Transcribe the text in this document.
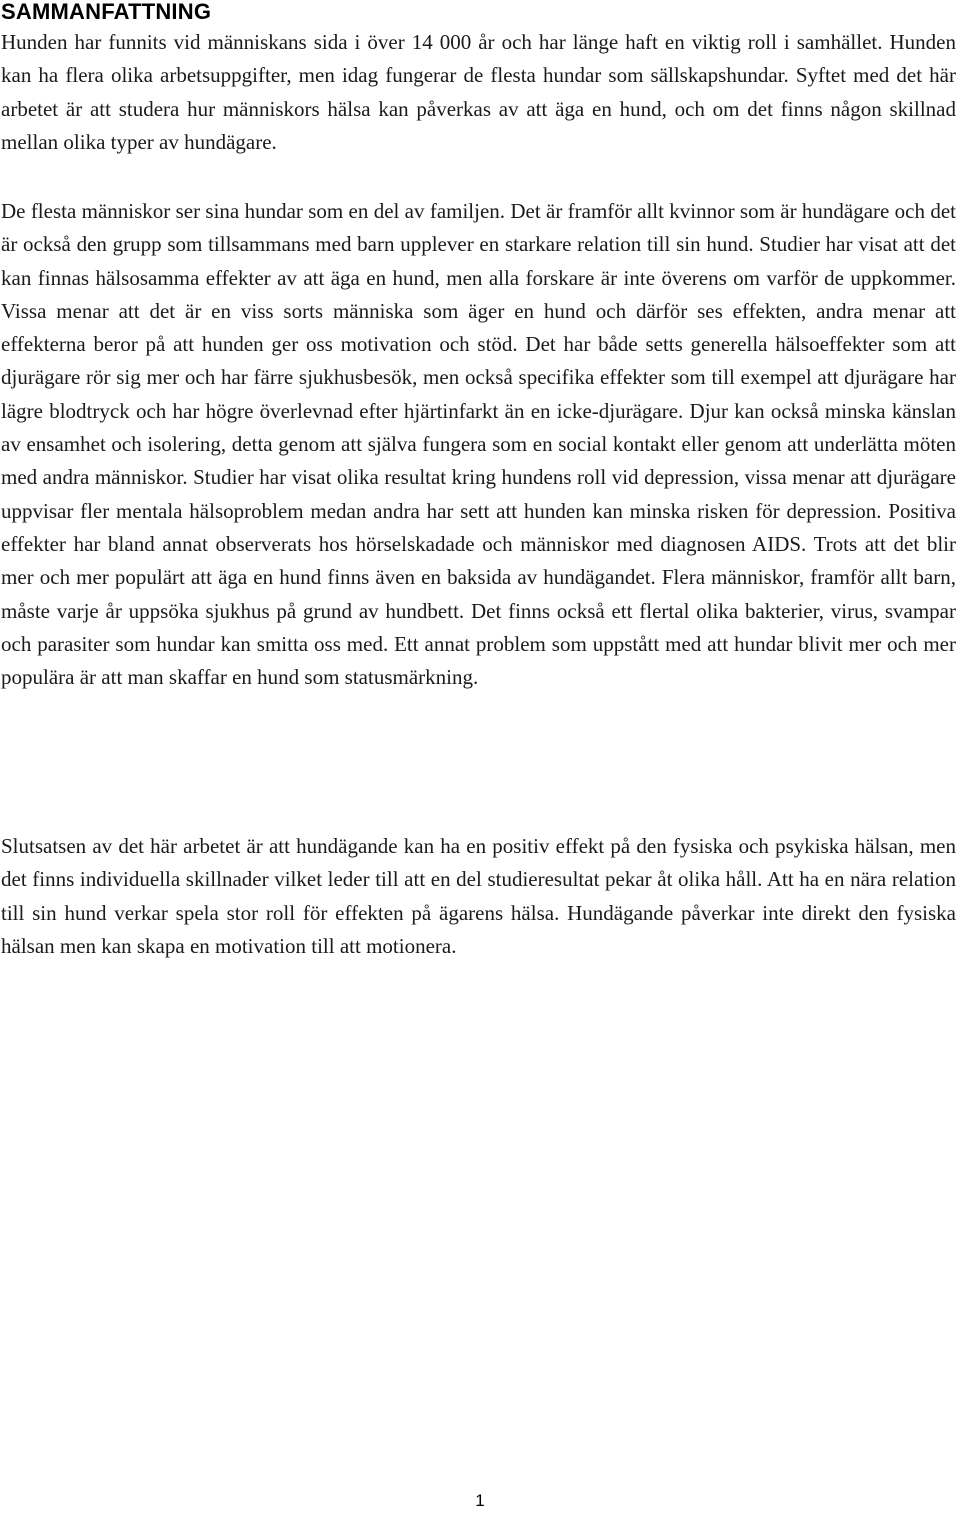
SAMMANFATTNING

Hunden har funnits vid människans sida i över 14 000 år och har länge haft en viktig roll i samhället. Hunden kan ha flera olika arbetsuppgifter, men idag fungerar de flesta hundar som sällskapshundar. Syftet med det här arbetet är att studera hur människors hälsa kan påverkas av att äga en hund, och om det finns någon skillnad mellan olika typer av hundägare.

De flesta människor ser sina hundar som en del av familjen. Det är framför allt kvinnor som är hundägare och det är också den grupp som tillsammans med barn upplever en starkare relation till sin hund. Studier har visat att det kan finnas hälsosamma effekter av att äga en hund, men alla forskare är inte överens om varför de uppkommer. Vissa menar att det är en viss sorts människa som äger en hund och därför ses effekten, andra menar att effekterna beror på att hunden ger oss motivation och stöd. Det har både setts generella hälsoeffekter som att djurägare rör sig mer och har färre sjukhusbesök, men också specifika effekter som till exempel att djurägare har lägre blodtryck och har högre överlevnad efter hjärtinfarkt än en icke-djurägare. Djur kan också minska känslan av ensamhet och isolering, detta genom att själva fungera som en social kontakt eller genom att underlätta möten med andra människor. Studier har visat olika resultat kring hundens roll vid depression, vissa menar att djurägare uppvisar fler mentala hälsoproblem medan andra har sett att hunden kan minska risken för depression. Positiva effekter har bland annat observerats hos hörselskadade och människor med diagnosen AIDS. Trots att det blir mer och mer populärt att äga en hund finns även en baksida av hundägandet. Flera människor, framför allt barn, måste varje år uppsöka sjukhus på grund av hundbett. Det finns också ett flertal olika bakterier, virus, svampar och parasiter som hundar kan smitta oss med. Ett annat problem som uppstått med att hundar blivit mer och mer populära är att man skaffar en hund som statusmärkning.

Slutsatsen av det här arbetet är att hundägande kan ha en positiv effekt på den fysiska och psykiska hälsan, men det finns individuella skillnader vilket leder till att en del studieresultat pekar åt olika håll. Att ha en nära relation till sin hund verkar spela stor roll för effekten på ägarens hälsa. Hundägande påverkar inte direkt den fysiska hälsan men kan skapa en motivation till att motionera.

1
